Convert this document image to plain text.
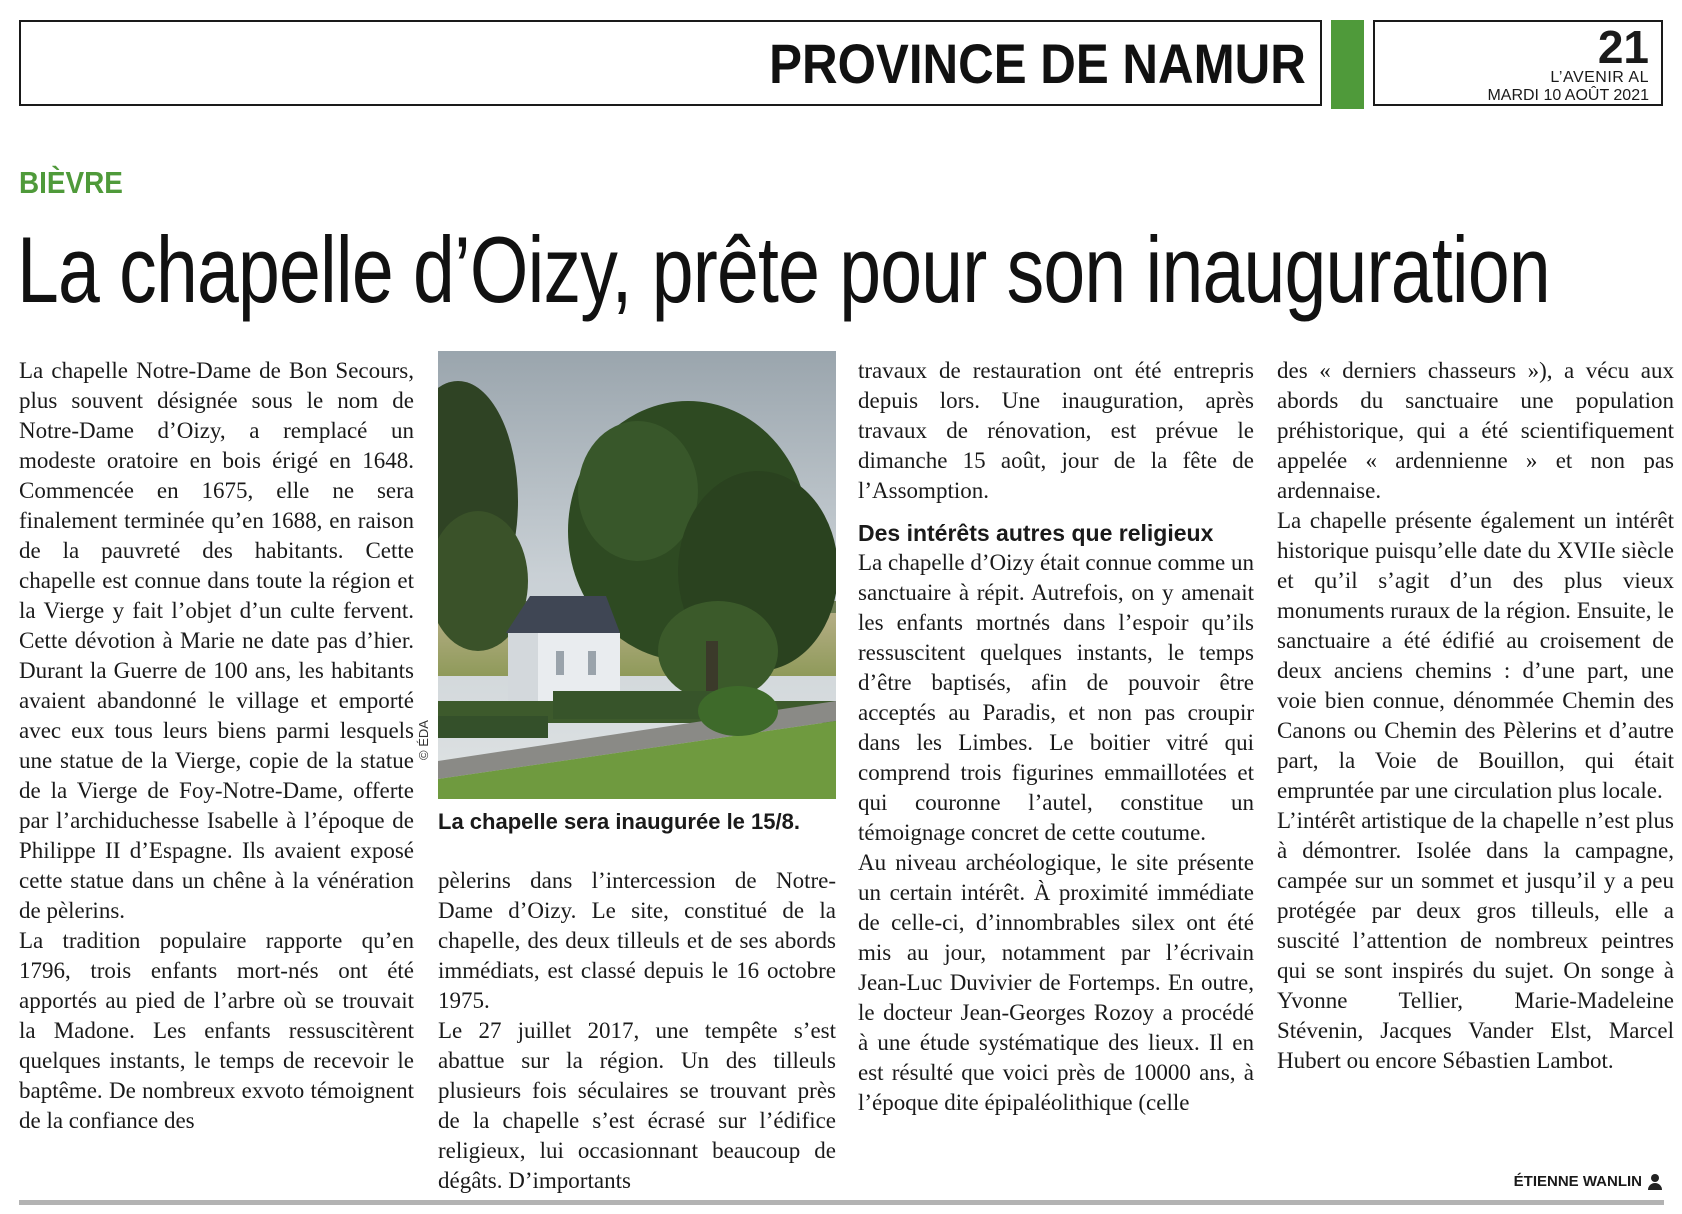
PROVINCE DE NAMUR	21
L’AVENIR AL
MARDI 10 AOÛT 2021
BIÈVRE
La chapelle d’Oizy, prête pour son inauguration

La chapelle Notre-Dame de Bon Secours, plus souvent désignée sous le nom de Notre-Dame d’Oizy, a remplacé un modeste oratoire en bois érigé en 1648. Commencée en 1675, elle ne sera finalement terminée qu’en 1688, en raison de la pauvreté des habitants. Cette chapelle est connue dans toute la région et la Vierge y fait l’objet d’un culte fervent. Cette dévotion à Marie ne date pas d’hier. Durant la Guerre de 100 ans, les habitants avaient abandonné le village et emporté avec eux tous leurs biens parmi lesquels une statue de la Vierge, copie de la statue de la Vierge de Foy-Notre-Dame, offerte par l’archiduchesse Isabelle à l’époque de Philippe II d’Espagne. Ils avaient exposé cette statue dans un chêne à la vénération de pèlerins.

La tradition populaire rapporte qu’en 1796, trois enfants mort-nés ont été apportés au pied de l’arbre où se trouvait la Madone. Les enfants ressuscitèrent quelques instants, le temps de recevoir le baptême. De nombreux exvoto témoignent de la confiance des

© ÉDA
La chapelle sera inaugurée le 15/8.

pèlerins dans l’intercession de Notre-Dame d’Oizy. Le site, constitué de la chapelle, des deux tilleuls et de ses abords immédiats, est classé depuis le 16 octobre 1975.

Le 27 juillet 2017, une tempête s’est abattue sur la région. Un des tilleuls plusieurs fois séculaires se trouvant près de la chapelle s’est écrasé sur l’édifice religieux, lui occasionnant beaucoup de dégâts. D’importants

travaux de restauration ont été entrepris depuis lors. Une inauguration, après travaux de rénovation, est prévue le dimanche 15 août, jour de la fête de l’Assomption.

Des intérêts autres que religieux

La chapelle d’Oizy était connue comme un sanctuaire à répit. Autrefois, on y amenait les enfants mortnés dans l’espoir qu’ils ressuscitent quelques instants, le temps d’être baptisés, afin de pouvoir être acceptés au Paradis, et non pas croupir dans les Limbes. Le boitier vitré qui comprend trois figurines emmaillotées et qui couronne l’autel, constitue un témoignage concret de cette coutume.

Au niveau archéologique, le site présente un certain intérêt. À proximité immédiate de celle-ci, d’innombrables silex ont été mis au jour, notamment par l’écrivain Jean-Luc Duvivier de Fortemps. En outre, le docteur Jean-Georges Rozoy a procédé à une étude systématique des lieux. Il en est résulté que voici près de 10000 ans, à l’époque dite épipaléolithique (celle

des « derniers chasseurs »), a vécu aux abords du sanctuaire une population préhistorique, qui a été scientifiquement appelée « ardennienne » et non pas ardennaise.

La chapelle présente également un intérêt historique puisqu’elle date du XVIIe siècle et qu’il s’agit d’un des plus vieux monuments ruraux de la région. Ensuite, le sanctuaire a été édifié au croisement de deux anciens chemins : d’une part, une voie bien connue, dénommée Chemin des Canons ou Chemin des Pèlerins et d’autre part, la Voie de Bouillon, qui était empruntée par une circulation plus locale.

L’intérêt artistique de la chapelle n’est plus à démontrer. Isolée dans la campagne, campée sur un sommet et jusqu’il y a peu protégée par deux gros tilleuls, elle a suscité l’attention de nombreux peintres qui se sont inspirés du sujet. On songe à Yvonne Tellier, Marie-Madeleine Stévenin, Jacques Vander Elst, Marcel Hubert ou encore Sébastien Lambot.

ÉTIENNE WANLIN
